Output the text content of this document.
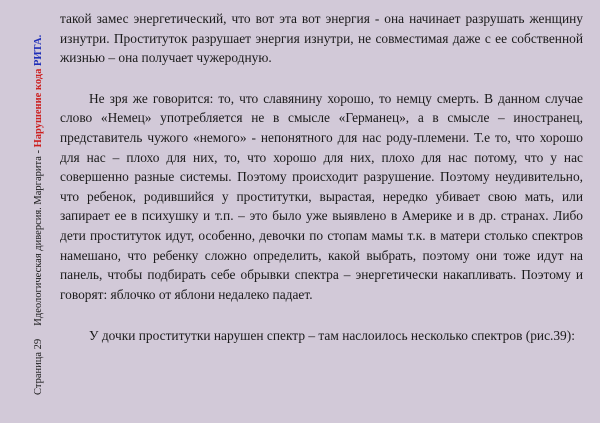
Страница 29     Идеологическая диверсия. Маргарита - Нарушение кода РИТА.

такой замес энергетический, что вот эта вот энергия - она начинает разрушать женщину изнутри. Проституток разрушает энергия изнутри, не совместимая даже с ее собственной жизнью – она получает чужеродную.

Не зря же говорится: то, что славянину хорошо, то немцу смерть. В данном случае слово «Немец» употребляется не в смысле «Германец», а в смысле – иностранец, представитель чужого «немого» - непонятного для нас роду-племени. Т.е то, что хорошо для нас – плохо для них, то, что хорошо для них, плохо для нас потому, что у нас совершенно разные системы. Поэтому происходит разрушение. Поэтому неудивительно, что ребенок, родившийся у проститутки, вырастая, нередко убивает свою мать, или запирает ее в психушку и т.п. – это было уже выявлено в Америке и в др. странах. Либо дети проституток идут, особенно, девочки по стопам мамы т.к. в матери столько спектров намешано, что ребенку сложно определить, какой выбрать, поэтому они тоже идут на панель, чтобы подбирать себе обрывки спектра – энергетически накапливать. Поэтому и говорят: яблочко от яблони недалеко падает.

У дочки проститутки нарушен спектр – там наслоилось несколько спектров (рис.39):
